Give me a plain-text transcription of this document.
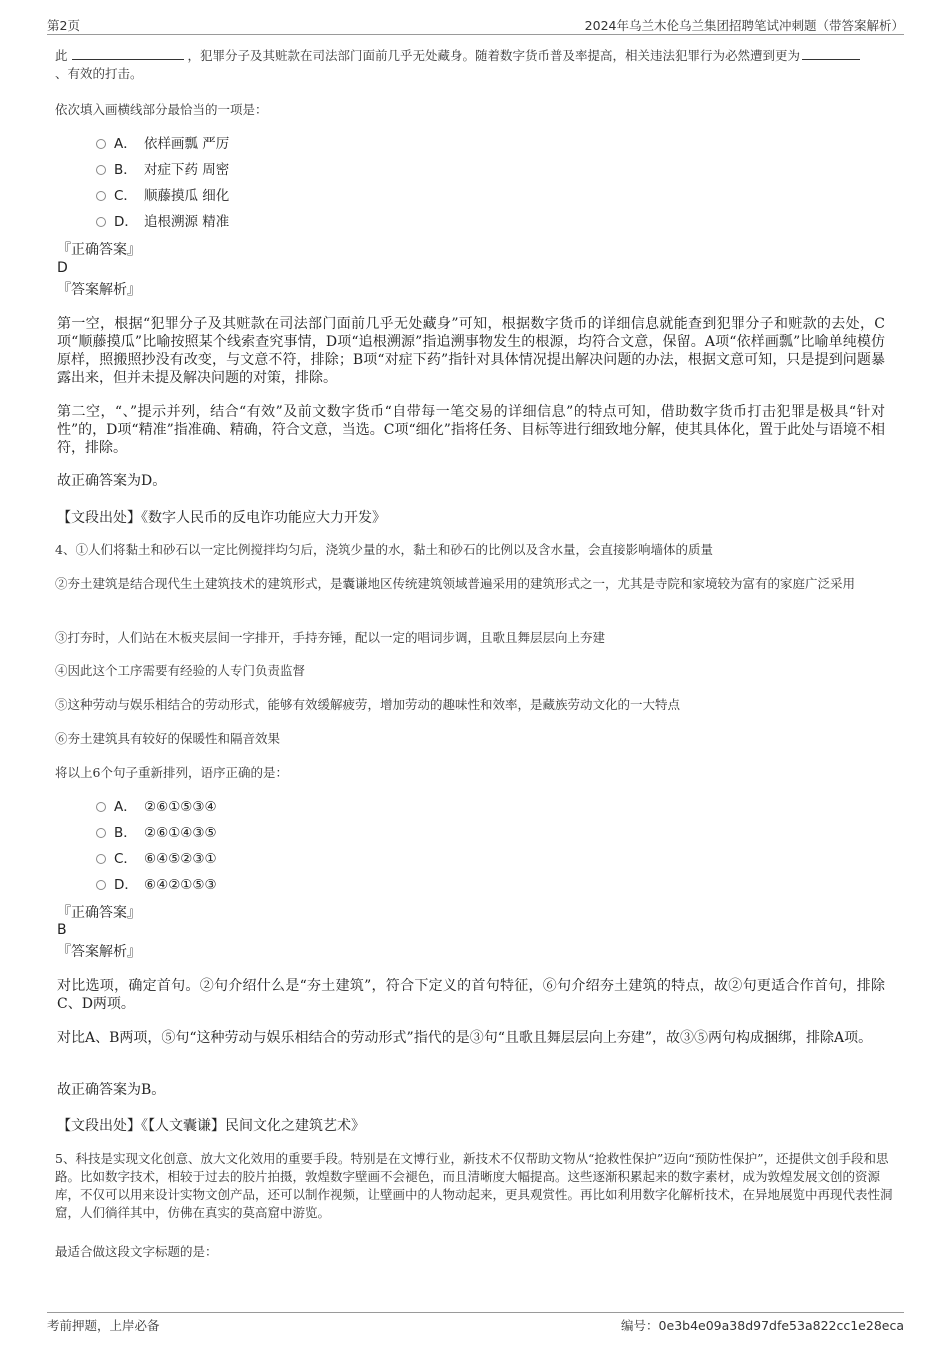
第2页	2024年乌兰木伦乌兰集团招聘笔试冲刺题（带答案解析）
此	，犯罪分子及其赃款在司法部门面前几乎无处藏身。随着数字货币普及率提高，相关违法犯罪行为必然遭到更为
、有效的打击。
依次填入画横线部分最恰当的一项是：
A． 依样画瓢 严厉
B． 对症下药 周密
C． 顺藤摸瓜 细化
D． 追根溯源 精准
『正确答案』
D
『答案解析』
第一空，根据“犯罪分子及其赃款在司法部门面前几乎无处藏身”可知，根据数字货币的详细信息就能查到犯罪分子和赃款的去处，C项“顺藤摸瓜”比喻按照某个线索查究事情，D项“追根溯源”指追溯事物发生的根源，均符合文意，保留。A项“依样画瓢”比喻单纯模仿原样，照搬照抄没有改变，与文意不符，排除；B项“对症下药”指针对具体情况提出解决问题的办法，根据文意可知，只是提到问题暴露出来，但并未提及解决问题的对策，排除。
第二空，“、”提示并列，结合“有效”及前文数字货币“自带每一笔交易的详细信息”的特点可知，借助数字货币打击犯罪是极具“针对性”的，D项“精准”指准确、精确，符合文意，当选。C项“细化”指将任务、目标等进行细致地分解，使其具体化，置于此处与语境不相符，排除。
故正确答案为D。
【文段出处】《数字人民币的反电诈功能应大力开发》
4、①人们将黏土和砂石以一定比例搅拌均匀后，浇筑少量的水，黏土和砂石的比例以及含水量，会直接影响墙体的质量
②夯土建筑是结合现代生土建筑技术的建筑形式，是囊谦地区传统建筑领域普遍采用的建筑形式之一，尤其是寺院和家境较为富有的家庭广泛采用
③打夯时，人们站在木板夹层间一字排开，手持夯锤，配以一定的唱词步调，且歌且舞层层向上夯建
④因此这个工序需要有经验的人专门负责监督
⑤这种劳动与娱乐相结合的劳动形式，能够有效缓解疲劳，增加劳动的趣味性和效率，是藏族劳动文化的一大特点
⑥夯土建筑具有较好的保暖性和隔音效果
将以上6个句子重新排列，语序正确的是：
A． ②⑥①⑤③④
B． ②⑥①④③⑤
C． ⑥④⑤②③①
D． ⑥④②①⑤③
『正确答案』
B
『答案解析』
对比选项，确定首句。②句介绍什么是“夯土建筑”，符合下定义的首句特征，⑥句介绍夯土建筑的特点，故②句更适合作首句，排除C、D两项。
对比A、B两项，⑤句“这种劳动与娱乐相结合的劳动形式”指代的是③句“且歌且舞层层向上夯建”，故③⑤两句构成捆绑，排除A项。
故正确答案为B。
【文段出处】《【人文囊谦】民间文化之建筑艺术》
5、科技是实现文化创意、放大文化效用的重要手段。特别是在文博行业，新技术不仅帮助文物从“抢救性保护”迈向“预防性保护”，还提供文创手段和思路。比如数字技术，相较于过去的胶片拍摄，敦煌数字壁画不会褪色，而且清晰度大幅提高。这些逐渐积累起来的数字素材，成为敦煌发展文创的资源库，不仅可以用来设计实物文创产品，还可以制作视频，让壁画中的人物动起来，更具观赏性。再比如利用数字化解析技术，在异地展览中再现代表性洞窟，人们徜徉其中，仿佛在真实的莫高窟中游览。
最适合做这段文字标题的是：
考前押题，上岸必备	编号：0e3b4e09a38d97dfe53a822cc1e28eca
